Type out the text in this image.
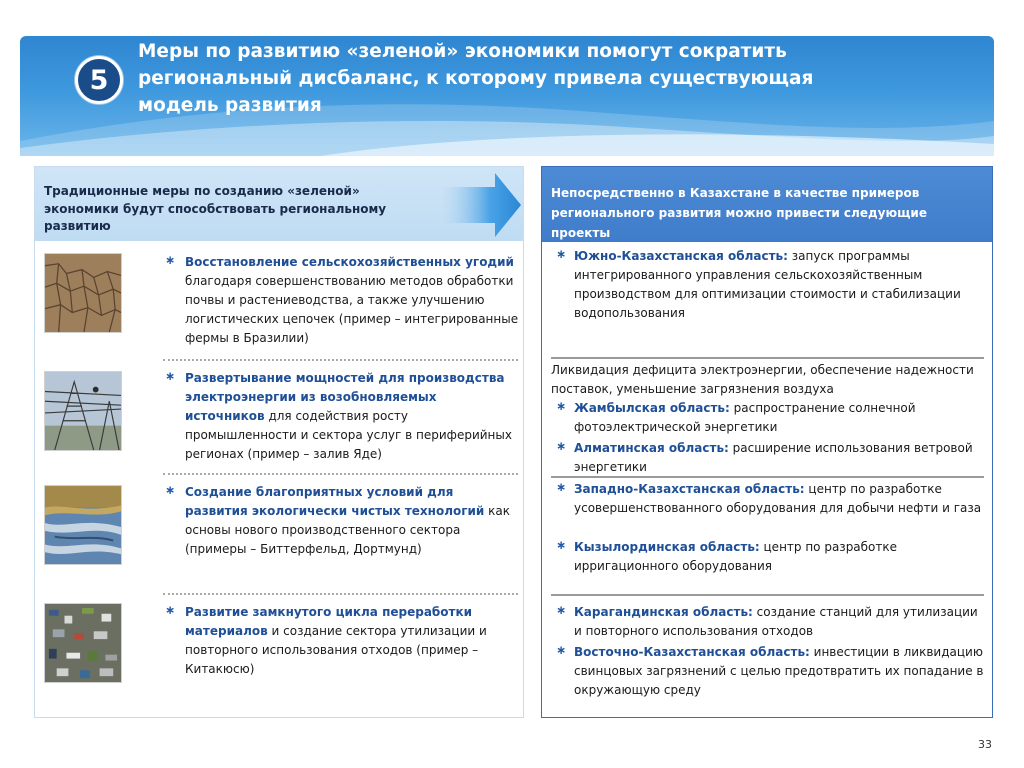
5
Меры по развитию «зеленой» экономики помогут сократить региональный дисбаланс, к которому привела существующая модель развития
Традиционные меры по созданию «зеленой» экономики будут способствовать региональному развитию
∗ Восстановление сельскохозяйственных угодий благодаря совершенствованию методов обработки почвы и растениеводства, а также улучшению логистических цепочек (пример – интегрированные фермы в Бразилии)
∗ Развертывание мощностей для производства электроэнергии из возобновляемых источников для содействия росту промышленности и сектора услуг в периферийных регионах (пример – залив Яде)
∗ Создание благоприятных условий для развития экологически чистых технологий как основы нового производственного сектора (примеры – Биттерфельд, Дортмунд)
∗ Развитие замкнутого цикла переработки материалов и создание сектора утилизации и повторного использования отходов (пример – Китакюсю)
Непосредственно в Казахстане в качестве примеров регионального развития можно привести следующие проекты
∗ Южно-Казахстанская область: запуск программы интегрированного управления сельскохозяйственным производством для оптимизации стоимости и стабилизации водопользования
Ликвидация дефицита электроэнергии, обеспечение надежности поставок, уменьшение загрязнения воздуха
∗ Жамбылская область: распространение солнечной фотоэлектрической энергетики
∗ Алматинская область: расширение использования ветровой энергетики
∗ Западно-Казахстанская область: центр по разработке усовершенствованного оборудования для добычи нефти и газа
∗ Кызылординская область: центр по разработке ирригационного оборудования
∗ Карагандинская область: создание станций для утилизации и повторного использования отходов
∗ Восточно-Казахстанская область: инвестиции в ликвидацию свинцовых загрязнений с целью предотвратить их попадание в окружающую среду
33
